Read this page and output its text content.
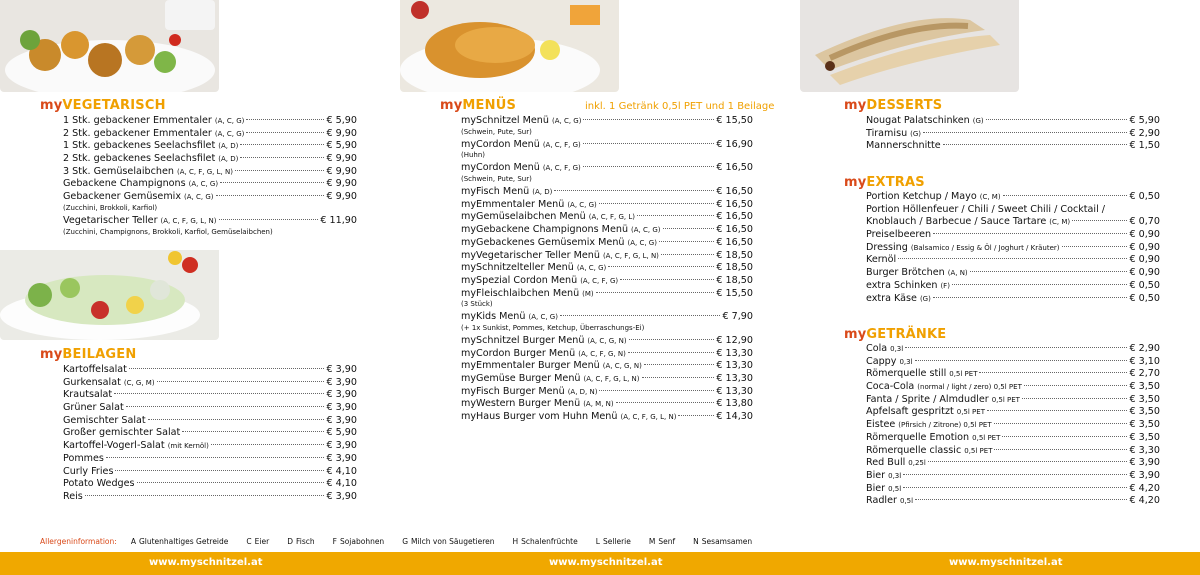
myVEGETARISCH
1 Stk. gebackener Emmentaler (A, C, G)	€ 5,90
2 Stk. gebackener Emmentaler (A, C, G)	€ 9,90
1 Stk. gebackenes Seelachsfilet (A, D)	€ 5,90
2 Stk. gebackenes Seelachsfilet (A, D)	€ 9,90
3 Stk. Gemüselaibchen (A, C, F, G, L, N)	€ 9,90
Gebackene Champignons (A, C, G)	€ 9,90
Gebackener Gemüsemix (A, C, G)	€ 9,90
(Zucchini, Brokkoli, Karfiol)
Vegetarischer Teller (A, C, F, G, L, N)	€ 11,90
(Zucchini, Champignons, Brokkoli, Karfiol, Gemüselaibchen)
myBEILAGEN
Kartoffelsalat	€ 3,90
Gurkensalat (C, G, M)	€ 3,90
Krautsalat	€ 3,90
Grüner Salat	€ 3,90
Gemischter Salat	€ 3,90
Großer gemischter Salat	€ 5,90
Kartoffel-Vogerl-Salat (mit Kernöl)	€ 3,90
Pommes	€ 3,90
Curly Fries	€ 4,10
Potato Wedges	€ 4,10
Reis	€ 3,90
myMENÜS	inkl. 1 Getränk 0,5l PET und 1 Beilage
mySchnitzel Menü (A, C, G)	€ 15,50
(Schwein, Pute, Sur)
myCordon Menü (A, C, F, G)	€ 16,90
(Huhn)
myCordon Menü (A, C, F, G)	€ 16,50
(Schwein, Pute, Sur)
myFisch Menü (A, D)	€ 16,50
myEmmentaler Menü (A, C, G)	€ 16,50
myGemüselaibchen Menü (A, C, F, G, L)	€ 16,50
myGebackene Champignons Menü (A, C, G)	€ 16,50
myGebackenes Gemüsemix Menü (A, C, G)	€ 16,50
myVegetarischer Teller Menü (A, C, F, G, L, N)	€ 18,50
mySchnitzelteller Menü (A, C, G)	€ 18,50
mySpezial Cordon Menü (A, C, F, G)	€ 18,50
myFleischlaibchen Menü (M)	€ 15,50
(3 Stück)
myKids Menü (A, C, G)	€ 7,90
(+ 1x Sunkist, Pommes, Ketchup, Überraschungs-Ei)
mySchnitzel Burger Menü (A, C, G, N)	€ 12,90
myCordon Burger Menü (A, C, F, G, N)	€ 13,30
myEmmentaler Burger Menü (A, C, G, N)	€ 13,30
myGemüse Burger Menü (A, C, F, G, L, N)	€ 13,30
myFisch Burger Menü (A, D, N)	€ 13,30
myWestern Burger Menü (A, M, N)	€ 13,80
myHaus Burger vom Huhn Menü (A, C, F, G, L, N)	€ 14,30
myDESSERTS
Nougat Palatschinken (G)	€ 5,90
Tiramisu (G)	€ 2,90
Mannerschnitte	€ 1,50
myEXTRAS
Portion Ketchup / Mayo (C, M)	€ 0,50
Portion Höllenfeuer / Chili / Sweet Chili / Cocktail /
Knoblauch / Barbecue / Sauce Tartare (C, M)	€ 0,70
Preiselbeeren	€ 0,90
Dressing (Balsamico / Essig & Öl / Joghurt / Kräuter)	€ 0,90
Kernöl	€ 0,90
Burger Brötchen (A, N)	€ 0,90
extra Schinken (F)	€ 0,50
extra Käse (G)	€ 0,50
myGETRÄNKE
Cola 0,3l	€ 2,90
Cappy 0,3l	€ 3,10
Römerquelle still 0,5l PET	€ 2,70
Coca-Cola (normal / light / zero) 0,5l PET	€ 3,50
Fanta / Sprite / Almdudler 0,5l PET	€ 3,50
Apfelsaft gespritzt 0,5l PET	€ 3,50
Eistee (Pfirsich / Zitrone) 0,5l PET	€ 3,50
Römerquelle Emotion 0,5l PET	€ 3,50
Römerquelle classic 0,5l PET	€ 3,30
Red Bull 0,25l	€ 3,90
Bier 0,3l	€ 3,90
Bier 0,5l	€ 4,20
Radler 0,5l	€ 4,20
Allergeninformation: A Glutenhaltiges Getreide C Eier D Fisch F Sojabohnen G Milch von Säugetieren H Schalenfrüchte L Sellerie M Senf N Sesamsamen
www.myschnitzel.at	www.myschnitzel.at	www.myschnitzel.at
